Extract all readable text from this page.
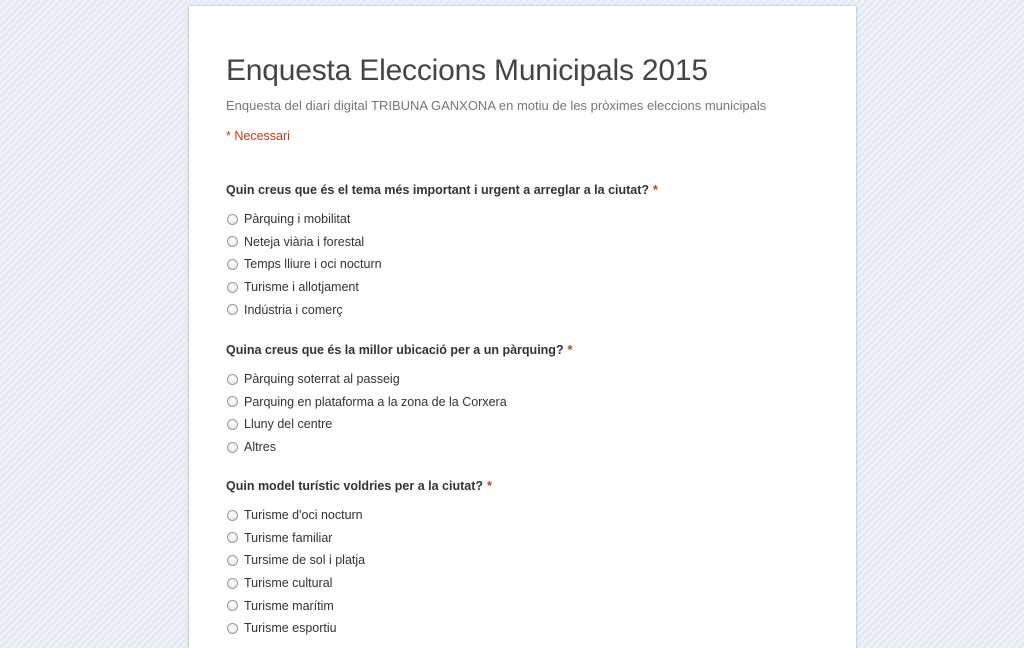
Enquesta Eleccions Municipals 2015

Enquesta del diari digital TRIBUNA GANXONA en motiu de les pròximes eleccions municipals

* Necessari
Quin creus que és el tema més important i urgent a arreglar a la ciutat? *
Pàrquing i mobilitat
Neteja viària i forestal
Temps lliure i oci nocturn
Turisme i allotjament
Indústria i comerç
Quina creus que és la millor ubicació per a un pàrquing? *
Pàrquing soterrat al passeig
Parquing en plataforma a la zona de la Corxera
Lluny del centre
Altres
Quin model turístic voldries per a la ciutat? *
Turisme d'oci nocturn
Turisme familiar
Tursime de sol i platja
Turisme cultural
Turisme marítim
Turisme esportiu
